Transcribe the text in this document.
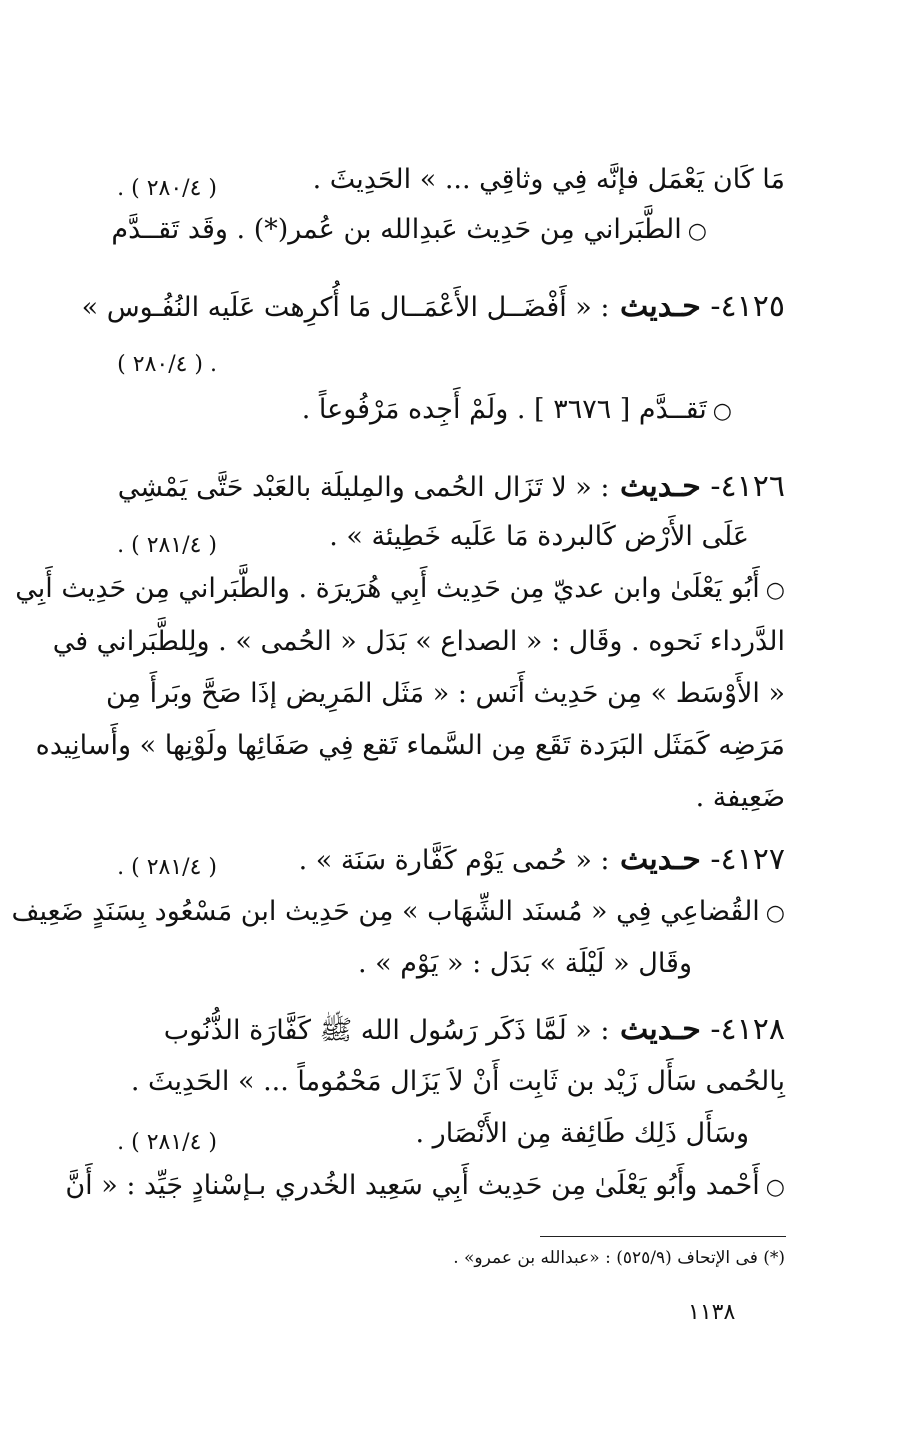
مَا كَان يَعْمَل فإنَّه فِي وثاقِي ... » الحَدِيثَ .
○الطَّبَراني مِن حَدِيث عَبدِالله بن عُمر(*) . وقَد تَقــدَّم
٤١٢٥- حـديث : « أَفْضَــل الأَعْمَــال مَا أُكرِهت عَلَيه النُفُـوس »
○تَقــدَّم [ ٣٦٧٦ ] . ولَمْ أَجِده مَرْفُوعاً .
٤١٢٦- حـديث : « لا تَزَال الحُمى والمِليلَة بالعَبْد حَتَّى يَمْشِي
عَلَى الأَرْض كَالبردة مَا عَلَيه خَطِيئة » .
○أَبُو يَعْلَىٰ وابن عديّ مِن حَدِيث أَبِي هُرَيرَة . والطَّبَراني مِن حَدِيث أَبِي
الدَّرداء نَحوه . وقَال : « الصداع » بَدَل « الحُمى » . ولِلطَّبَراني في
« الأَوْسَط » مِن حَدِيث أَنَس : « مَثَل المَرِيض إذَا صَحَّ وبَرأَ مِن
مَرَضِه كَمَثَل البَرَدة تَقَع مِن السَّماء تَقع فِي صَفَائِها ولَوْنِها » وأَسانِيده
ضَعِيفة .
٤١٢٧- حـديث : « حُمى يَوْم كَفَّارة سَنَة » .
○القُضاعِي فِي « مُسنَد الشِّهَاب » مِن حَدِيث ابن مَسْعُود بِسَنَدٍ ضَعِيف
وقَال « لَيْلَة » بَدَل : « يَوْم » .
٤١٢٨- حـديث : « لَمَّا ذَكَر رَسُول الله ﷺ كَفَّارَة الذُّنُوب
بِالحُمى سَأَل زَيْد بن ثَابِت أَنْ لاَ يَزَال مَحْمُوماً ... » الحَدِيثَ .
وسَأَل ذَلِك طَائِفة مِن الأَنْصَار .
○أَحْمد وأَبُو يَعْلَىٰ مِن حَدِيث أَبِي سَعِيد الخُدري بـإسْنادٍ جَيِّد : « أَنَّ
( ٢٨٠/٤ ) .
. ( ٢٨٠/٤ )
( ٢٨١/٤ ) .
( ٢٨١/٤ ) .
( ٢٨١/٤ ) .
(*) فى الإتحاف (٥٢٥/٩) : «عبدالله بن عمرو» .
١١٣٨
